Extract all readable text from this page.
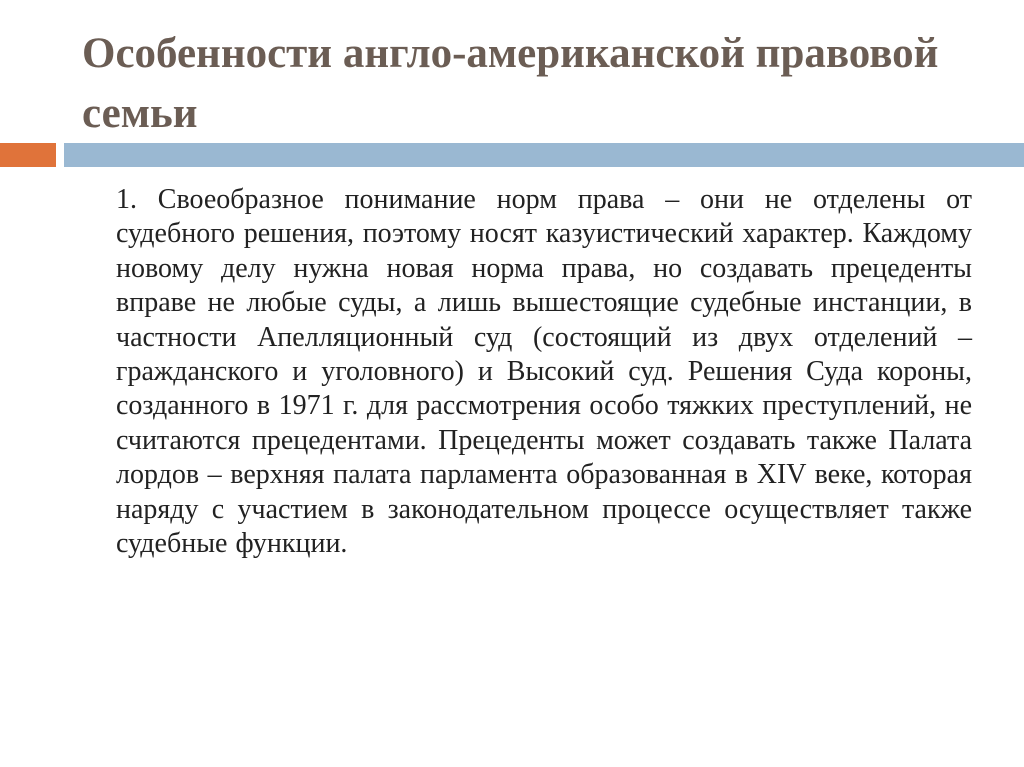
Особенности англо-американской правовой семьи

1. Своеобразное понимание норм права – они не отделены от судебного решения, поэтому носят казуистический характер. Каждому новому делу нужна новая норма права, но создавать прецеденты вправе не любые суды, а лишь вышестоящие судебные инстанции, в частности Апелляционный суд (состоящий из двух отделений – гражданского и уголовного) и Высокий суд. Решения Суда короны, созданного в 1971 г. для рассмотрения особо тяжких преступлений, не считаются прецедентами. Прецеденты может создавать также Палата лордов – верхняя палата парламента образованная в XIV веке, которая наряду с участием в законодательном процессе осуществляет также судебные функции.
